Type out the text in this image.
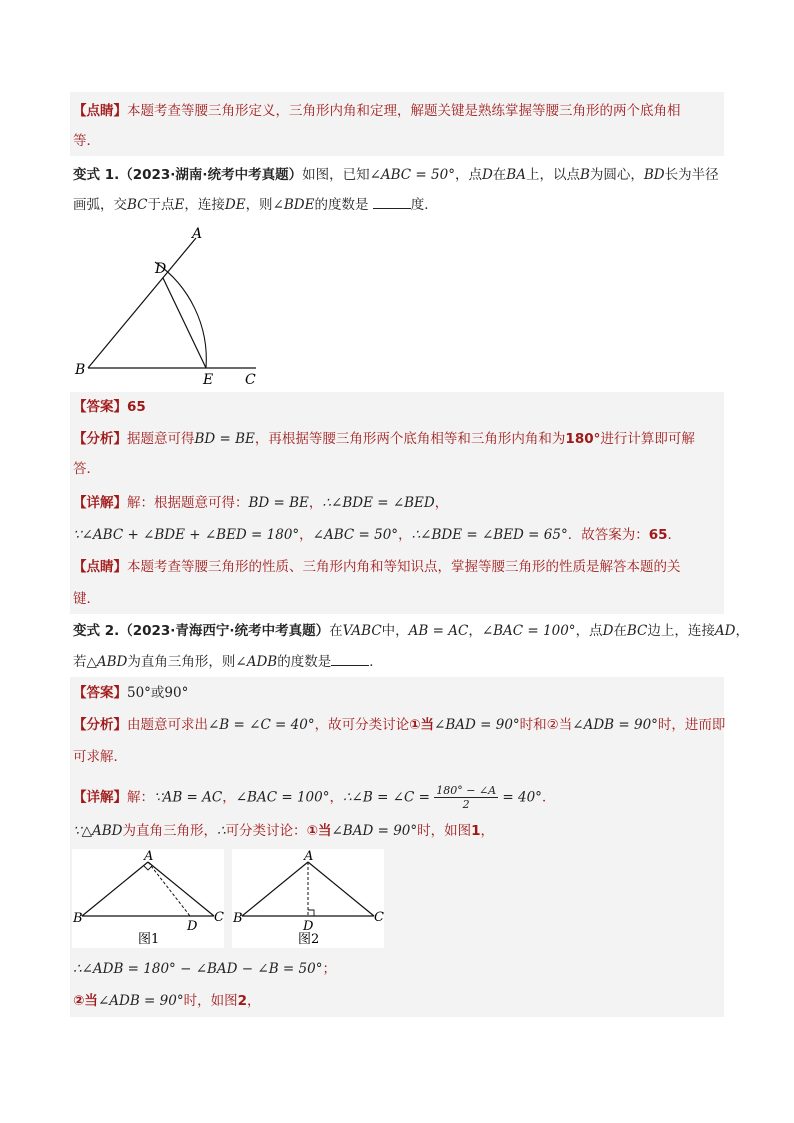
【点睛】本题考查等腰三角形定义，三角形内角和定理，解题关键是熟练掌握等腰三角形的两个底角相
等．
变式 1.（2023·湖南·统考中考真题）如图，已知∠ABC = 50°，点D在BA上，以点B为圆心，BD长为半径
画弧，交BC于点E，连接DE，则∠BDE的度数是	度．
A
D
B
E C
【答案】65
【分析】据题意可得BD = BE，再根据等腰三角形两个底角相等和三角形内角和为180°进行计算即可解
答．
【详解】解：根据题意可得：BD = BE，∴∠BDE = ∠BED，
∵∠ABC + ∠BDE + ∠BED = 180°，∠ABC = 50°，∴∠BDE = ∠BED = 65°．故答案为：65．
【点睛】本题考查等腰三角形的性质、三角形内角和等知识点，掌握等腰三角形的性质是解答本题的关
键．
变式 2.（2023·青海西宁·统考中考真题）在VABC中，AB = AC，∠BAC = 100°，点D在BC边上，连接AD，
若△ABD为直角三角形，则∠ADB的度数是	．
【答案】50°或90°
【分析】由题意可求出∠B = ∠C = 40°，故可分类讨论①当∠BAD = 90°时和②当∠ADB = 90°时，进而即
可求解．
【详解】解：∵AB = AC，∠BAC = 100°，∴∠B = ∠C = $\frac{180^\circ - \angle A}{2} = 40^\circ$．
∵△ABD为直角三角形，∴可分类讨论：①当∠BAD = 90°时，如图1，
A
B	C
D
图1
A
B	C
D
图2
∴∠ADB = 180° − ∠BAD − ∠B = 50°；
②当∠ADB = 90°时，如图2，
